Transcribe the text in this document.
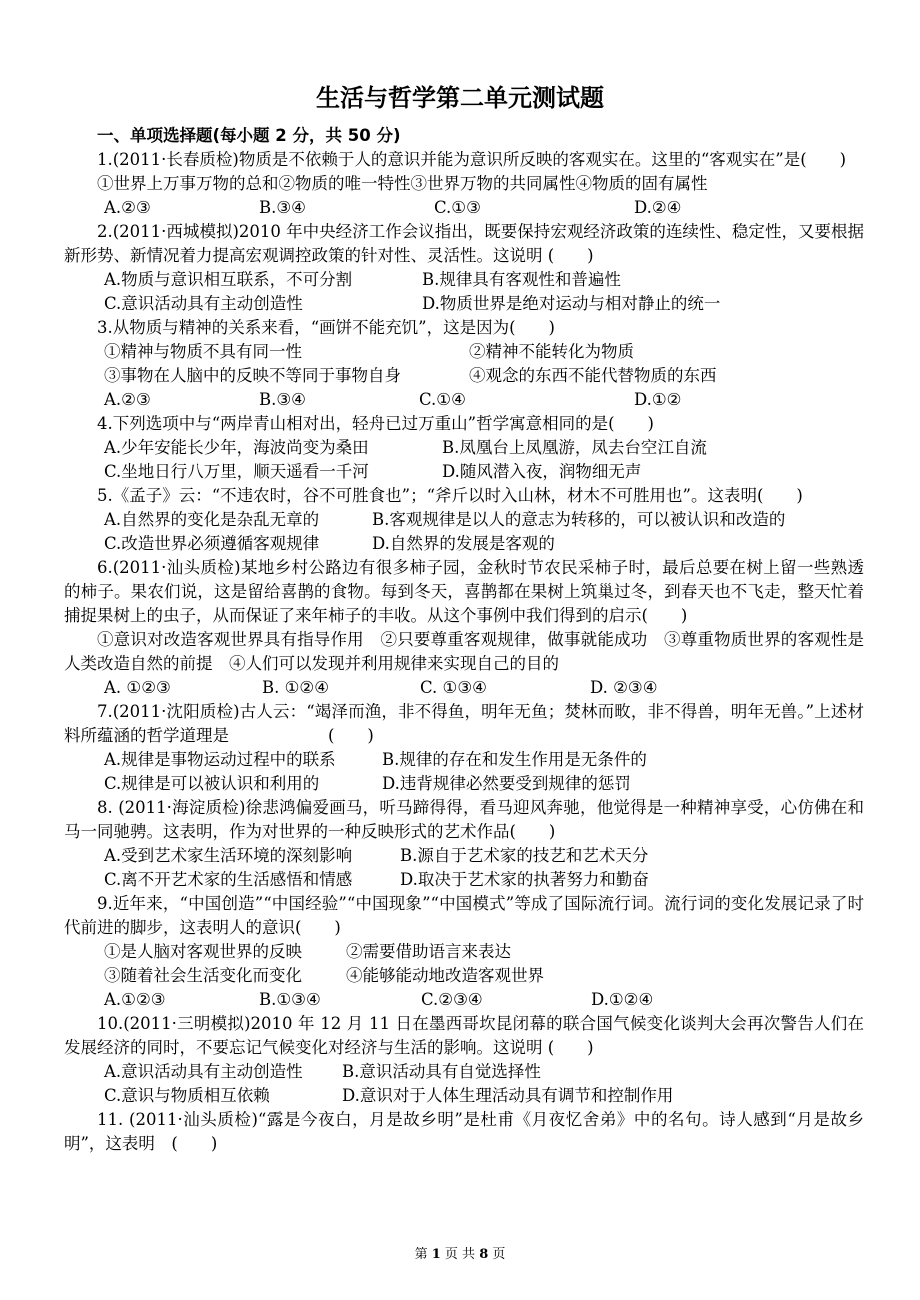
生活与哲学第二单元测试题

一、单项选择题(每小题 2 分，共 50 分)

1.(2011·长春质检)物质是不依赖于人的意识并能为意识所反映的客观实在。这里的“客观实在”是(　　)

①世界上万事万物的总和②物质的唯一特性③世界万物的共同属性④物质的固有属性

A.②③	B.③④	C.①③	D.②④

2.(2011·西城模拟)2010 年中央经济工作会议指出，既要保持宏观经济政策的连续性、稳定性，又要根据新形势、新情况着力提高宏观调控政策的针对性、灵活性。这说明 (　　)

A.物质与意识相互联系，不可分割	B.规律具有客观性和普遍性
C.意识活动具有主动创造性	D.物质世界是绝对运动与相对静止的统一

3.从物质与精神的关系来看，“画饼不能充饥”，这是因为(　　)

①精神与物质不具有同一性	②精神不能转化为物质
③事物在人脑中的反映不等同于事物自身	④观念的东西不能代替物质的东西
A.②③	B.③④	C.①④	D.①②

4.下列选项中与“两岸青山相对出，轻舟已过万重山”哲学寓意相同的是(　　)

A.少年安能长少年，海波尚变为桑田	B.凤凰台上凤凰游，凤去台空江自流
C.坐地日行八万里，顺天遥看一千河	D.随风潜入夜，润物细无声

5.《孟子》云：“不违农时，谷不可胜食也”；“斧斤以时入山林，材木不可胜用也”。这表明(　　)

A.自然界的变化是杂乱无章的	B.客观规律是以人的意志为转移的，可以被认识和改造的
C.改造世界必须遵循客观规律	D.自然界的发展是客观的

6.(2011·汕头质检)某地乡村公路边有很多柿子园，金秋时节农民采柿子时，最后总要在树上留一些熟透的柿子。果农们说，这是留给喜鹊的食物。每到冬天，喜鹊都在果树上筑巢过冬，到春天也不飞走，整天忙着捕捉果树上的虫子，从而保证了来年柿子的丰收。从这个事例中我们得到的启示(　　)

①意识对改造客观世界具有指导作用　②只要尊重客观规律，做事就能成功　③尊重物质世界的客观性是人类改造自然的前提　④人们可以发现并利用规律来实现自己的目的

A. ①②③	B. ①②④	C. ①③④	D. ②③④

7.(2011·沈阳质检)古人云：“竭泽而渔，非不得鱼，明年无鱼；焚林而畋，非不得兽，明年无兽。”上述材料所蕴涵的哲学道理是　　　　　　(　　)

A.规律是事物运动过程中的联系	B.规律的存在和发生作用是无条件的
C.规律是可以被认识和利用的	D.违背规律必然要受到规律的惩罚

8. (2011·海淀质检)徐悲鸿偏爱画马，听马蹄得得，看马迎风奔驰，他觉得是一种精神享受，心仿佛在和马一同驰骋。这表明，作为对世界的一种反映形式的艺术作品(　　)

A.受到艺术家生活环境的深刻影响	B.源自于艺术家的技艺和艺术天分
C.离不开艺术家的生活感悟和情感	D.取决于艺术家的执著努力和勤奋

9.近年来，“中国创造”“中国经验”“中国现象”“中国模式”等成了国际流行词。流行词的变化发展记录了时代前进的脚步，这表明人的意识(　　)

①是人脑对客观世界的反映	②需要借助语言来表达
③随着社会生活变化而变化	④能够能动地改造客观世界
A.①②③	B.①③④	C.②③④	D.①②④

10.(2011·三明模拟)2010 年 12 月 11 日在墨西哥坎昆闭幕的联合国气候变化谈判大会再次警告人们在发展经济的同时，不要忘记气候变化对经济与生活的影响。这说明 (　　)

A.意识活动具有主动创造性	B.意识活动具有自觉选择性
C.意识与物质相互依赖	D.意识对于人体生理活动具有调节和控制作用

11. (2011·汕头质检)“露是今夜白，月是故乡明”是杜甫《月夜忆舍弟》中的名句。诗人感到“月是故乡明”，这表明　(　　)

第 1 页 共 8 页
